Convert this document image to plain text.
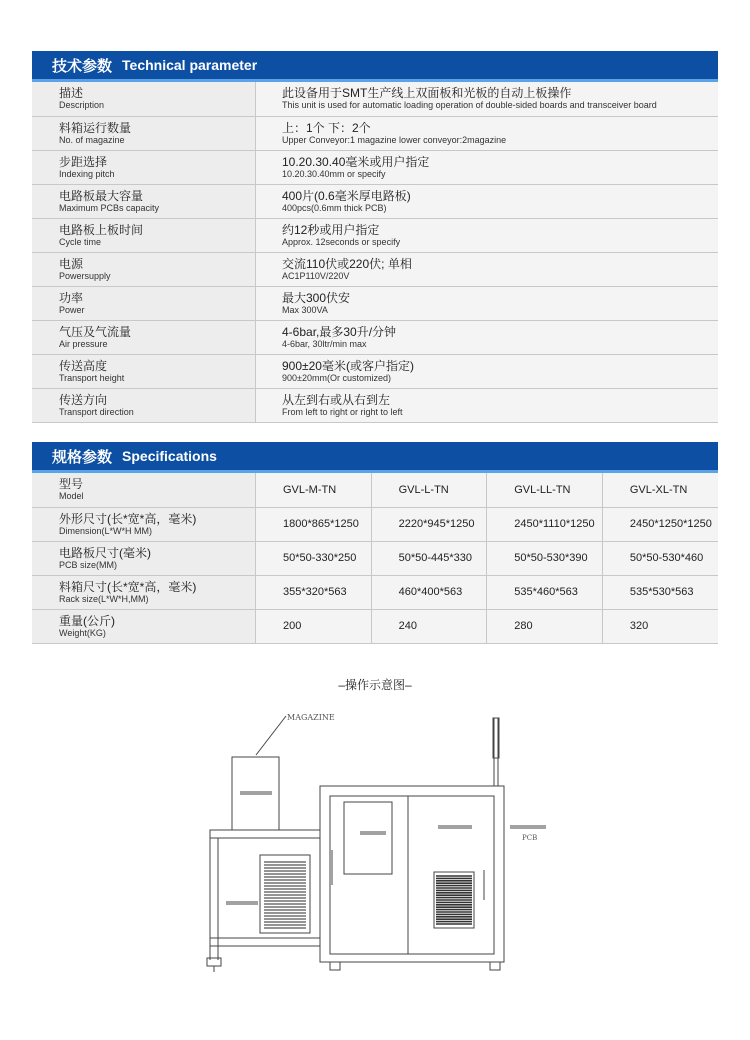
技术参数 Technical parameter
描述
Description	此设备用于SMT生产线上双面板和光板的自动上板操作
This unit is used for automatic loading operation of double-sided boards and transceiver board

料箱运行数量
No. of magazine	上：1个 下：2个
Upper Conveyor:1 magazine lower conveyor:2magazine

步距选择
Indexing pitch	10.20.30.40毫米或用户指定
10.20.30.40mm or specify

电路板最大容量
Maximum PCBs capacity	400片(0.6毫米厚电路板)
400pcs(0.6mm thick PCB)

电路板上板时间
Cycle time	约12秒或用户指定
Approx. 12seconds or specify

电源
Powersupply	交流110伏或220伏; 单相
AC1P110V/220V

功率
Power	最大300伏安
Max 300VA

气压及气流量
Air pressure	4-6bar,最多30升/分钟
4-6bar, 30ltr/min max

传送高度
Transport height	900±20毫米(或客户指定)
900±20mm(Or customized)

传送方向
Transport direction	从左到右或从右到左
From left to right or right to left
规格参数 Specifications
型号
Model	GVL-M-TN	GVL-L-TN	GVL-LL-TN	GVL-XL-TN

外形尺寸(长*宽*高，毫米)
Dimension(L*W*H MM)	1800*865*1250	2220*945*1250	2450*1110*1250	2450*1250*1250

电路板尺寸(毫米)
PCB size(MM)	50*50-330*250	50*50-445*330	50*50-530*390	50*50-530*460

料箱尺寸(长*宽*高，毫米)
Rack size(L*W*H,MM)	355*320*563	460*400*563	535*460*563	535*530*563

重量(公斤)
Weight(KG)	200	240	280	320
–操作示意图–
MAGAZINE
PCB
